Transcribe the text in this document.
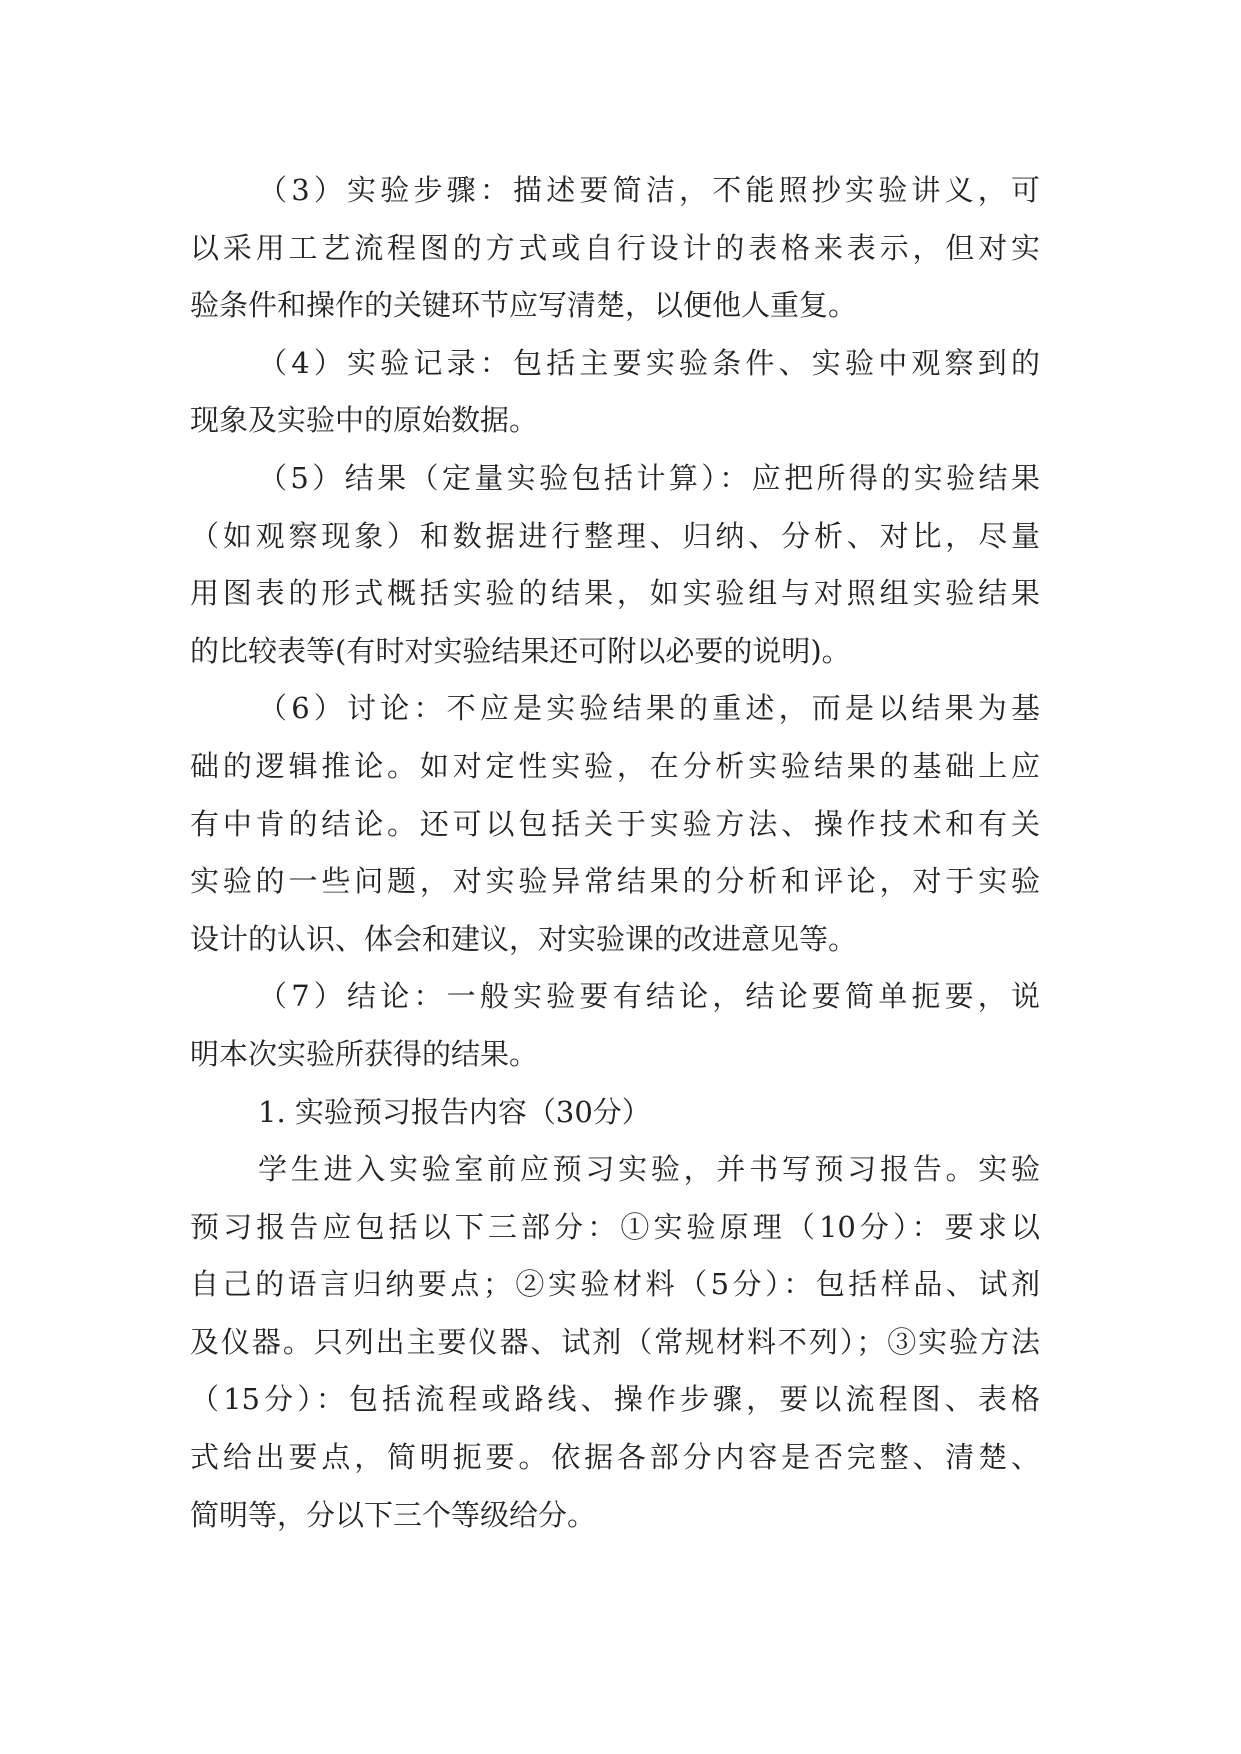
（3）实验步骤：描述要简洁，不能照抄实验讲义，可
以采用工艺流程图的方式或自行设计的表格来表示，但对实
验条件和操作的关键环节应写清楚，以便他人重复。
（4）实验记录：包括主要实验条件、实验中观察到的
现象及实验中的原始数据。
（5）结果（定量实验包括计算）：应把所得的实验结果
（如观察现象）和数据进行整理、归纳、分析、对比，尽量
用图表的形式概括实验的结果，如实验组与对照组实验结果
的比较表等(有时对实验结果还可附以必要的说明)。
（6）讨论：不应是实验结果的重述，而是以结果为基
础的逻辑推论。如对定性实验，在分析实验结果的基础上应
有中肯的结论。还可以包括关于实验方法、操作技术和有关
实验的一些问题，对实验异常结果的分析和评论，对于实验
设计的认识、体会和建议，对实验课的改进意见等。
（7）结论：一般实验要有结论，结论要简单扼要，说
明本次实验所获得的结果。
1. 实验预习报告内容（30分）
学生进入实验室前应预习实验，并书写预习报告。实验
预习报告应包括以下三部分：①实验原理（10分）：要求以
自己的语言归纳要点；②实验材料（5分）：包括样品、试剂
及仪器。只列出主要仪器、试剂（常规材料不列）；③实验方法
（15分）：包括流程或路线、操作步骤，要以流程图、表格
式给出要点，简明扼要。依据各部分内容是否完整、清楚、
简明等，分以下三个等级给分。
